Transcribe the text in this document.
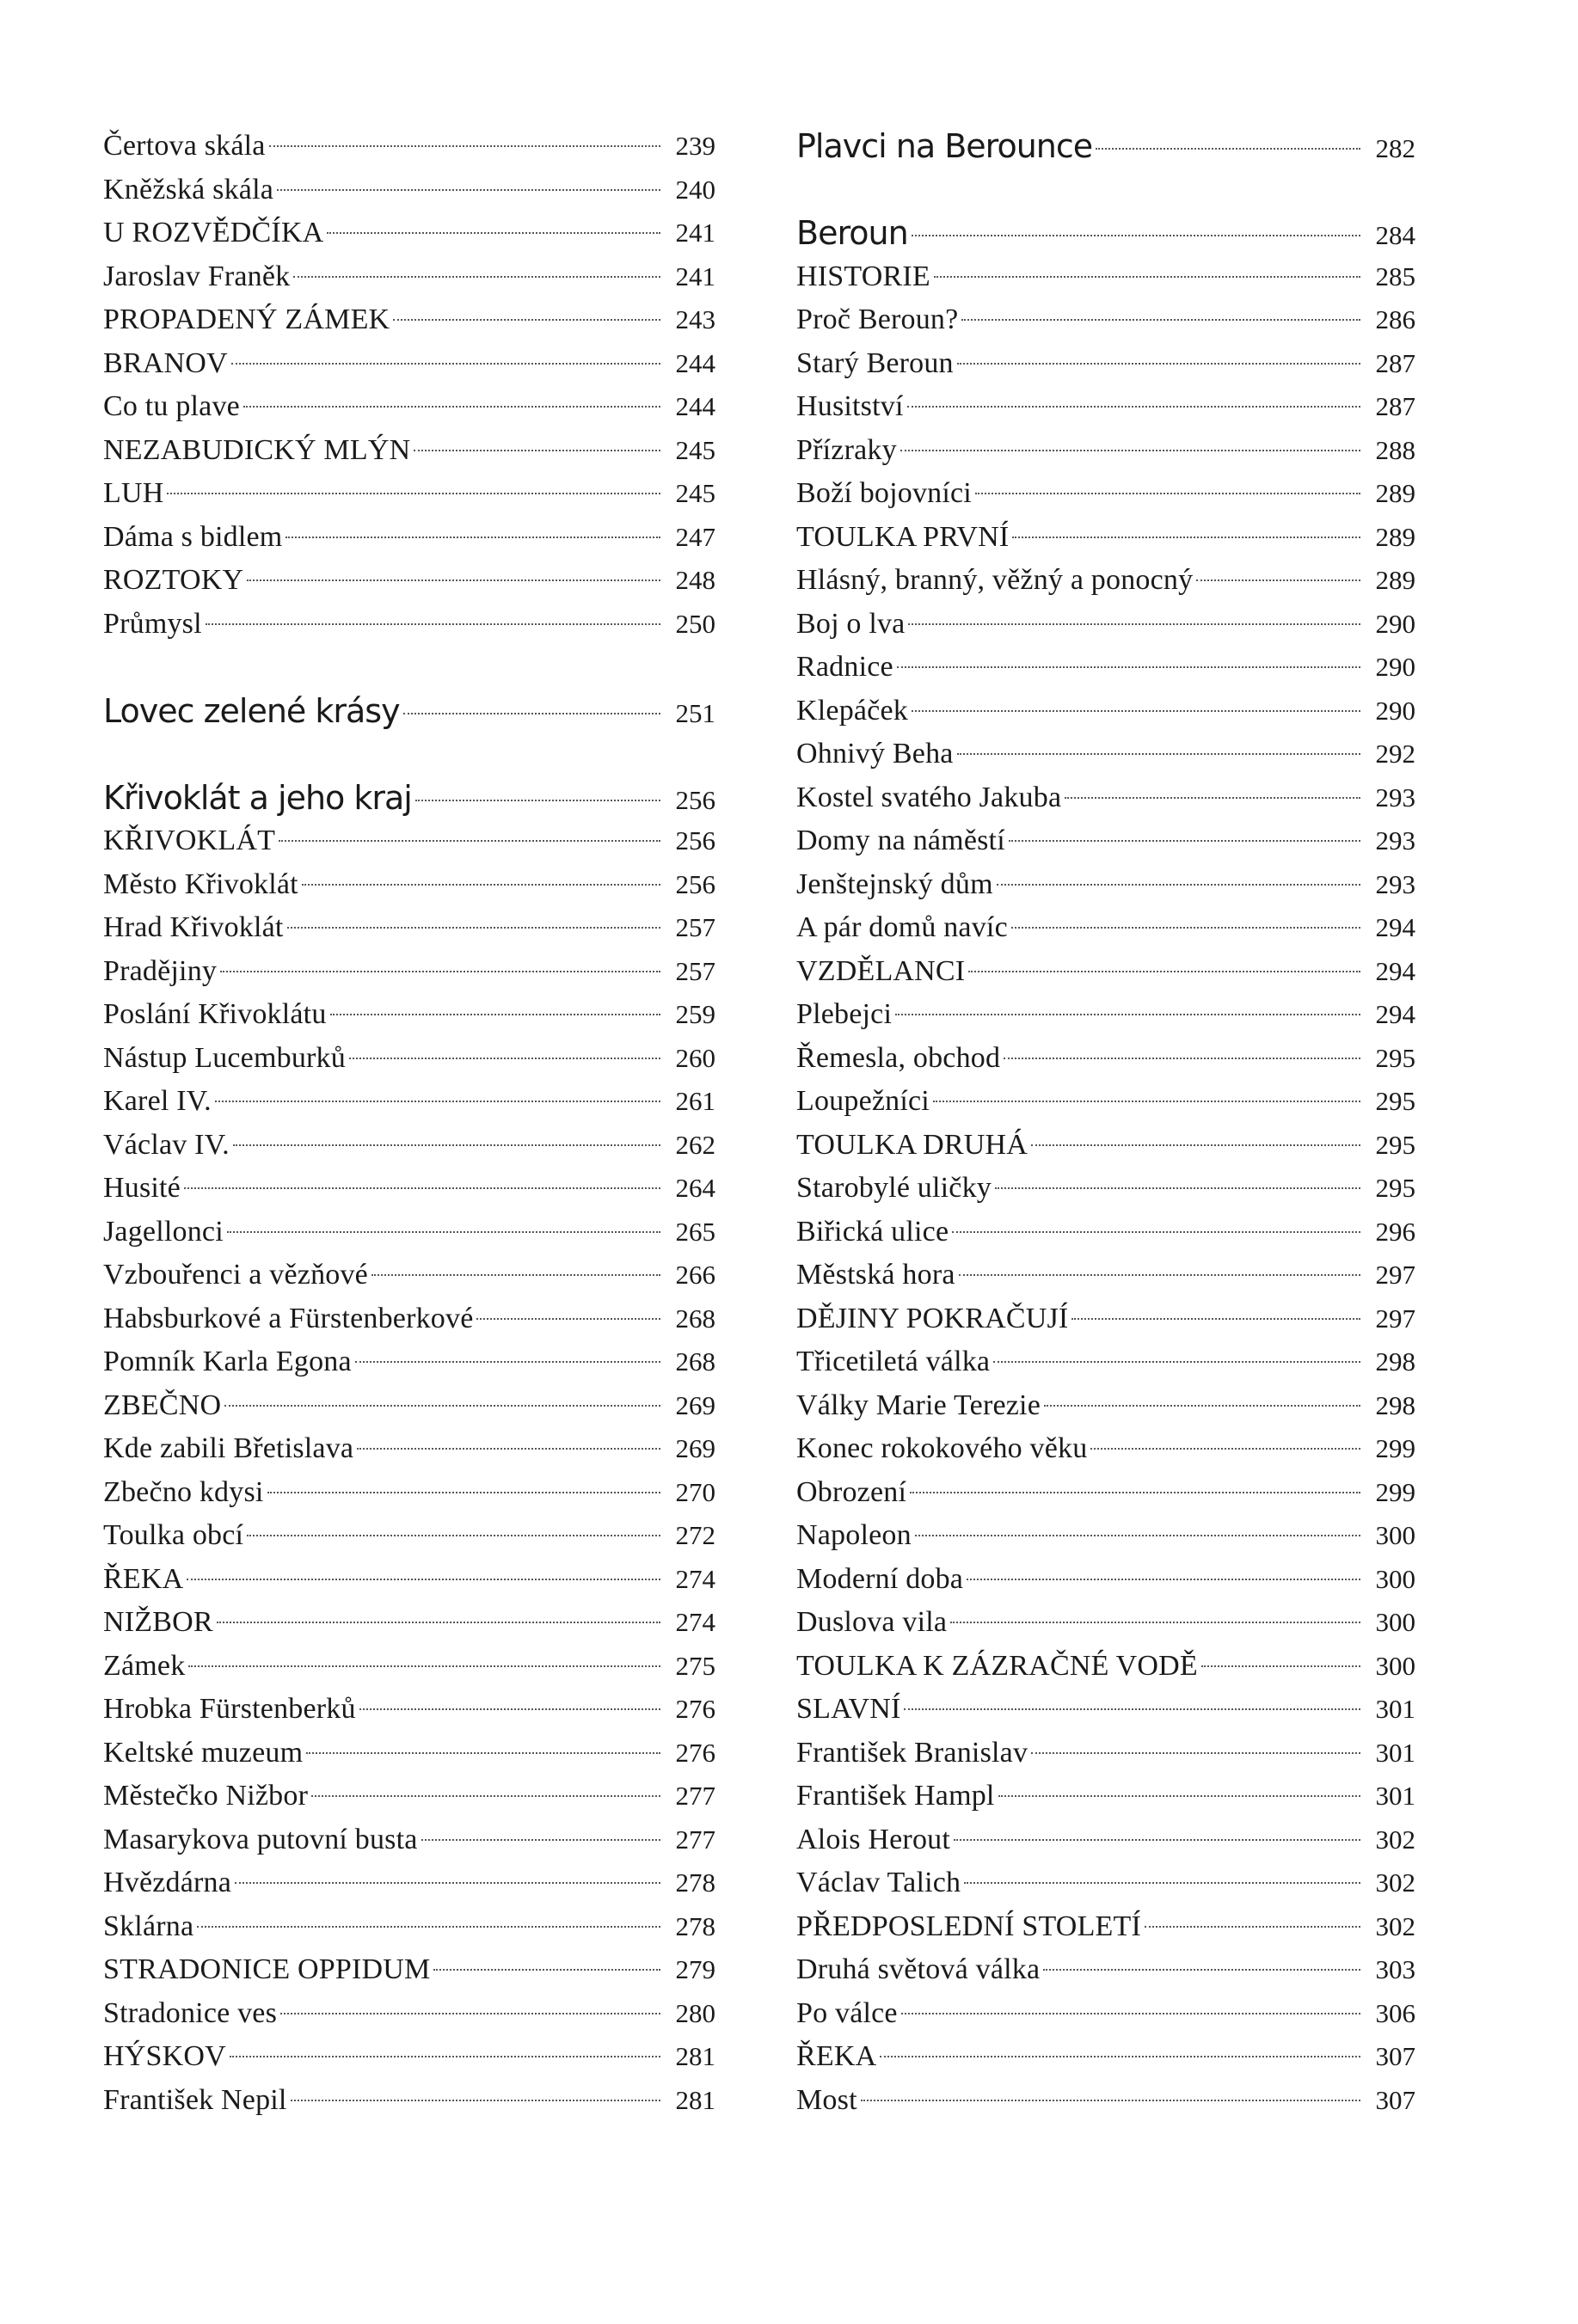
Čertova skála	239
Kněžská skála	240
U ROZVĚDČÍKA	241
Jaroslav Franěk	241
PROPADENÝ ZÁMEK	243
BRANOV	244
Co tu plave	244
NEZABUDICKÝ MLÝN	245
LUH	245
Dáma s bidlem	247
ROZTOKY	248
Průmysl	250
Lovec zelené krásy	251
Křivoklát a jeho kraj	256
KŘIVOKLÁT	256
Město Křivoklát	256
Hrad Křivoklát	257
Pradějiny	257
Poslání Křivoklátu	259
Nástup Lucemburků	260
Karel IV.	261
Václav IV.	262
Husité	264
Jagellonci	265
Vzbouřenci a vězňové	266
Habsburkové a Fürstenberkové	268
Pomník Karla Egona	268
ZBEČNO	269
Kde zabili Břetislava	269
Zbečno kdysi	270
Toulka obcí	272
ŘEKA	274
NIŽBOR	274
Zámek	275
Hrobka Fürstenberků	276
Keltské muzeum	276
Městečko Nižbor	277
Masarykova putovní busta	277
Hvězdárna	278
Sklárna	278
STRADONICE OPPIDUM	279
Stradonice ves	280
HÝSKOV	281
František Nepil	281
Plavci na Berounce	282
Beroun	284
HISTORIE	285
Proč Beroun?	286
Starý Beroun	287
Husitství	287
Přízraky	288
Boží bojovníci	289
TOULKA PRVNÍ	289
Hlásný, branný, věžný a ponocný	289
Boj o lva	290
Radnice	290
Klepáček	290
Ohnivý Beha	292
Kostel svatého Jakuba	293
Domy na náměstí	293
Jenštejnský dům	293
A pár domů navíc	294
VZDĚLANCI	294
Plebejci	294
Řemesla, obchod	295
Loupežníci	295
TOULKA DRUHÁ	295
Starobylé uličky	295
Biřická ulice	296
Městská hora	297
DĚJINY POKRAČUJÍ	297
Třicetiletá válka	298
Války Marie Terezie	298
Konec rokokového věku	299
Obrození	299
Napoleon	300
Moderní doba	300
Duslova vila	300
TOULKA K ZÁZRAČNÉ VODĚ	300
SLAVNÍ	301
František Branislav	301
František Hampl	301
Alois Herout	302
Václav Talich	302
PŘEDPOSLEDNÍ STOLETÍ	302
Druhá světová válka	303
Po válce	306
ŘEKA	307
Most	307
